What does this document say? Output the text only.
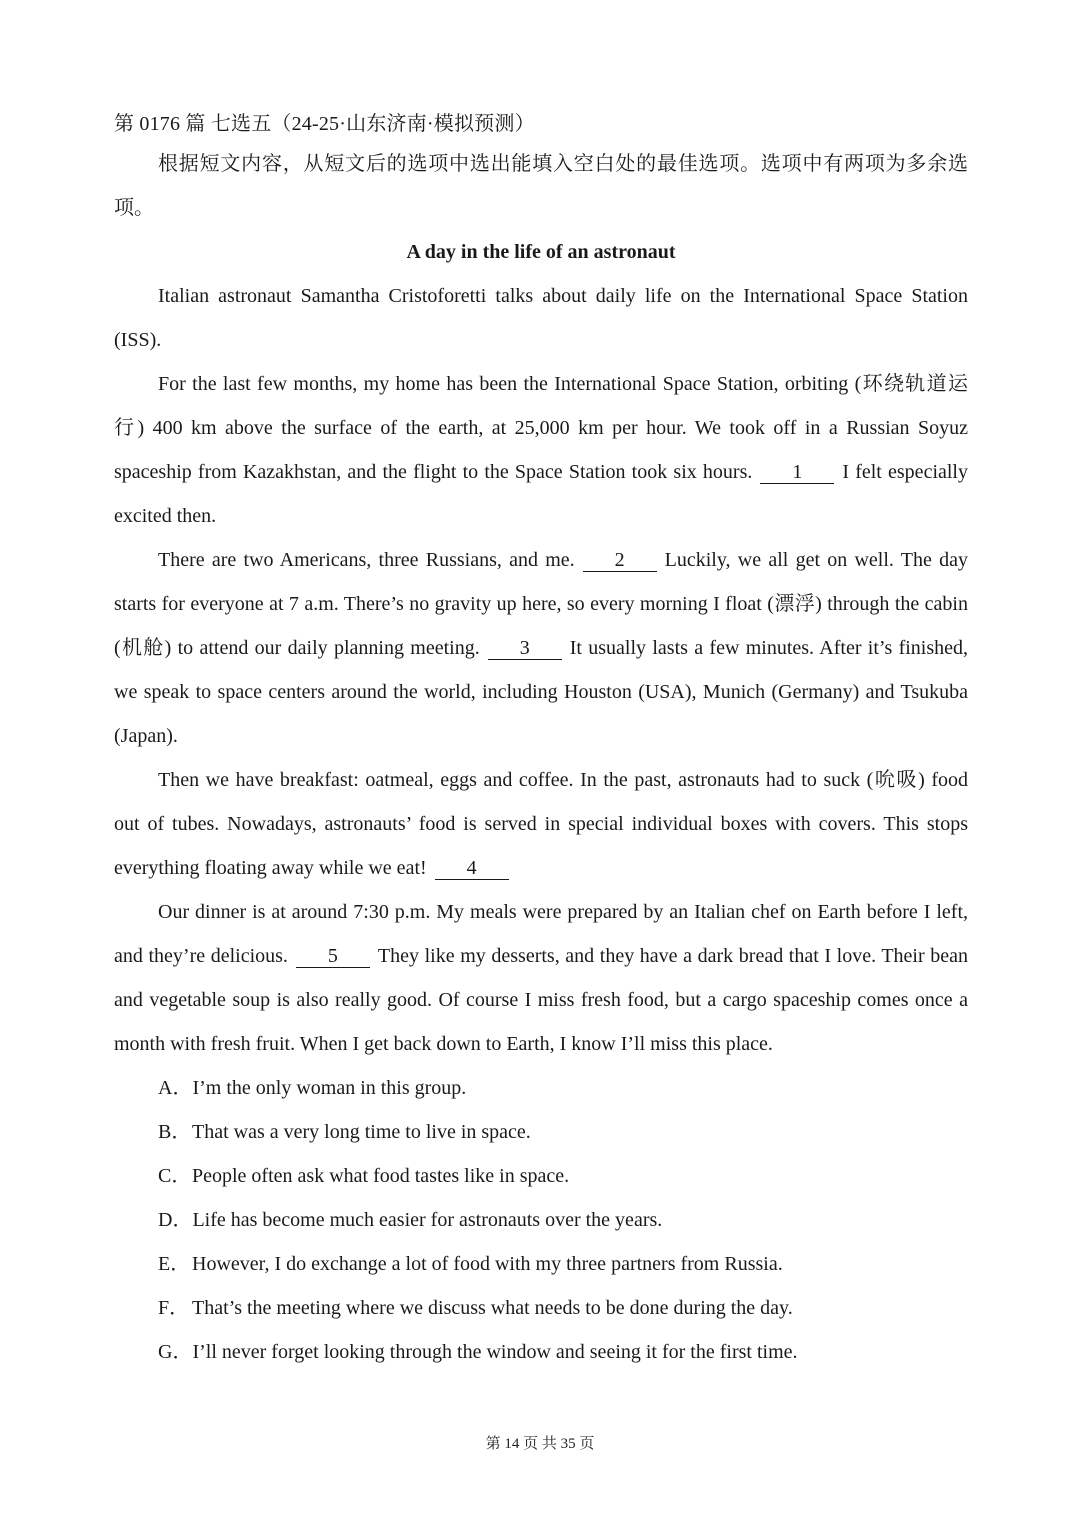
第 0176 篇 七选五（24-25·山东济南·模拟预测）

根据短文内容，从短文后的选项中选出能填入空白处的最佳选项。选项中有两项为多余选项。

A day in the life of an astronaut

Italian astronaut Samantha Cristoforetti talks about daily life on the International Space Station (ISS).

For the last few months, my home has been the International Space Station, orbiting (环绕轨道运行) 400 km above the surface of the earth, at 25,000 km per hour. We took off in a Russian Soyuz spaceship from Kazakhstan, and the flight to the Space Station took six hours. 1 I felt especially excited then.

There are two Americans, three Russians, and me. 2 Luckily, we all get on well. The day starts for everyone at 7 a.m. There’s no gravity up here, so every morning I float (漂浮) through the cabin (机舱) to attend our daily planning meeting. 3 It usually lasts a few minutes. After it’s finished, we speak to space centers around the world, including Houston (USA), Munich (Germany) and Tsukuba (Japan).

Then we have breakfast: oatmeal, eggs and coffee. In the past, astronauts had to suck (吮吸) food out of tubes. Nowadays, astronauts’ food is served in special individual boxes with covers. This stops everything floating away while we eat! 4

Our dinner is at around 7:30 p.m. My meals were prepared by an Italian chef on Earth before I left, and they’re delicious. 5 They like my desserts, and they have a dark bread that I love. Their bean and vegetable soup is also really good. Of course I miss fresh food, but a cargo spaceship comes once a month with fresh fruit. When I get back down to Earth, I know I’ll miss this place.

A．I’m the only woman in this group.
B．That was a very long time to live in space.
C．People often ask what food tastes like in space.
D．Life has become much easier for astronauts over the years.
E．However, I do exchange a lot of food with my three partners from Russia.
F． That’s the meeting where we discuss what needs to be done during the day.
G．I’ll never forget looking through the window and seeing it for the first time.
第 14 页 共 35 页
